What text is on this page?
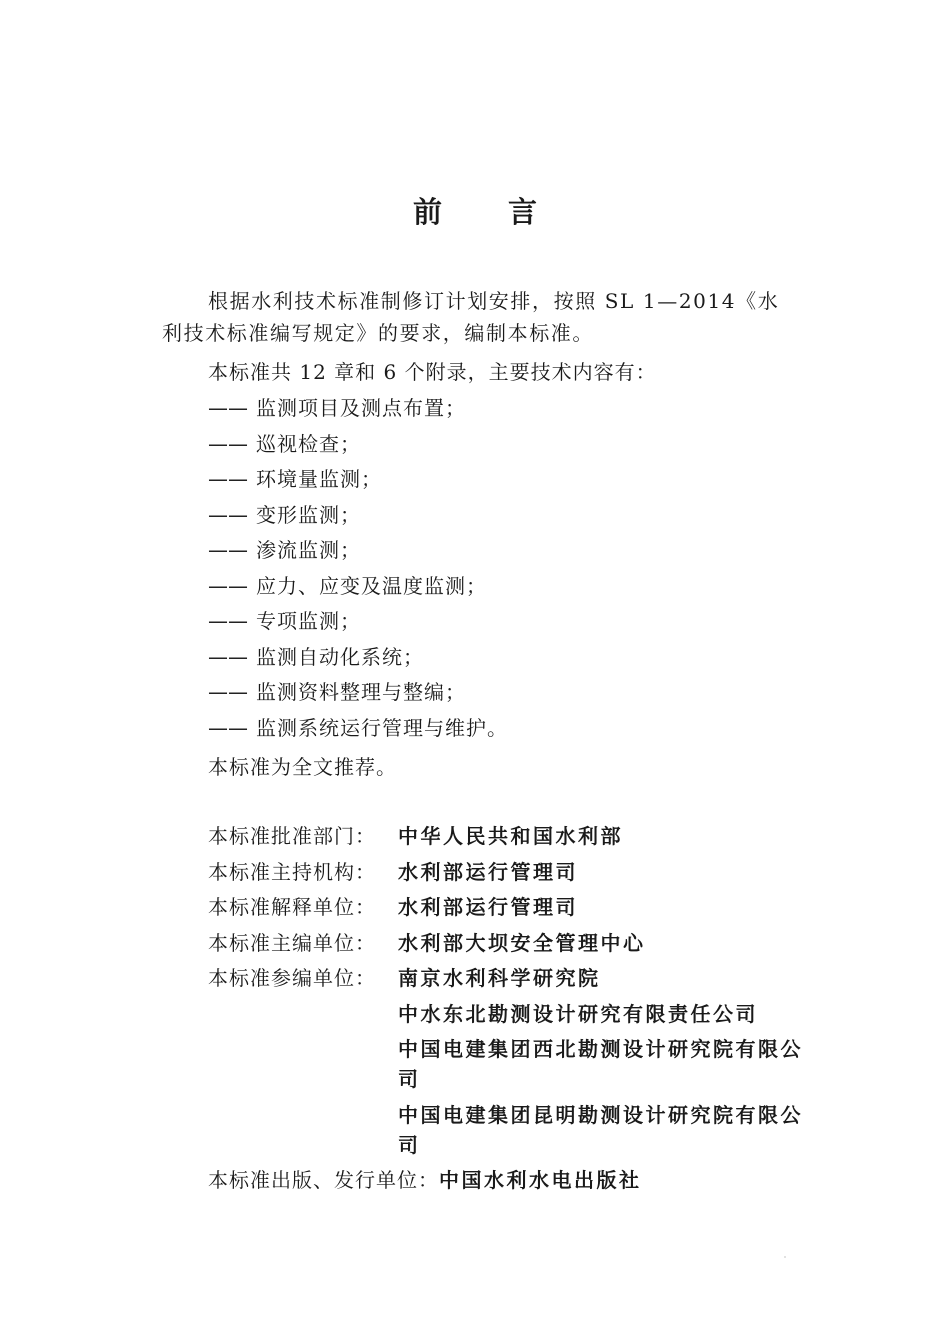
前言
根据水利技术标准制修订计划安排，按照 SL 1—2014《水
利技术标准编写规定》的要求，编制本标准。
本标准共 12 章和 6 个附录，主要技术内容有：
—— 监测项目及测点布置；
—— 巡视检查；
—— 环境量监测；
—— 变形监测；
—— 渗流监测；
—— 应力、应变及温度监测；
—— 专项监测；
—— 监测自动化系统；
—— 监测资料整理与整编；
—— 监测系统运行管理与维护。
本标准为全文推荐。
本标准批准部门：	中华人民共和国水利部
本标准主持机构：	水利部运行管理司
本标准解释单位：	水利部运行管理司
本标准主编单位：	水利部大坝安全管理中心
本标准参编单位：	南京水利科学研究院
中水东北勘测设计研究有限责任公司
中国电建集团西北勘测设计研究院有限公司
中国电建集团昆明勘测设计研究院有限公司
本标准出版、发行单位： 中国水利水电出版社
